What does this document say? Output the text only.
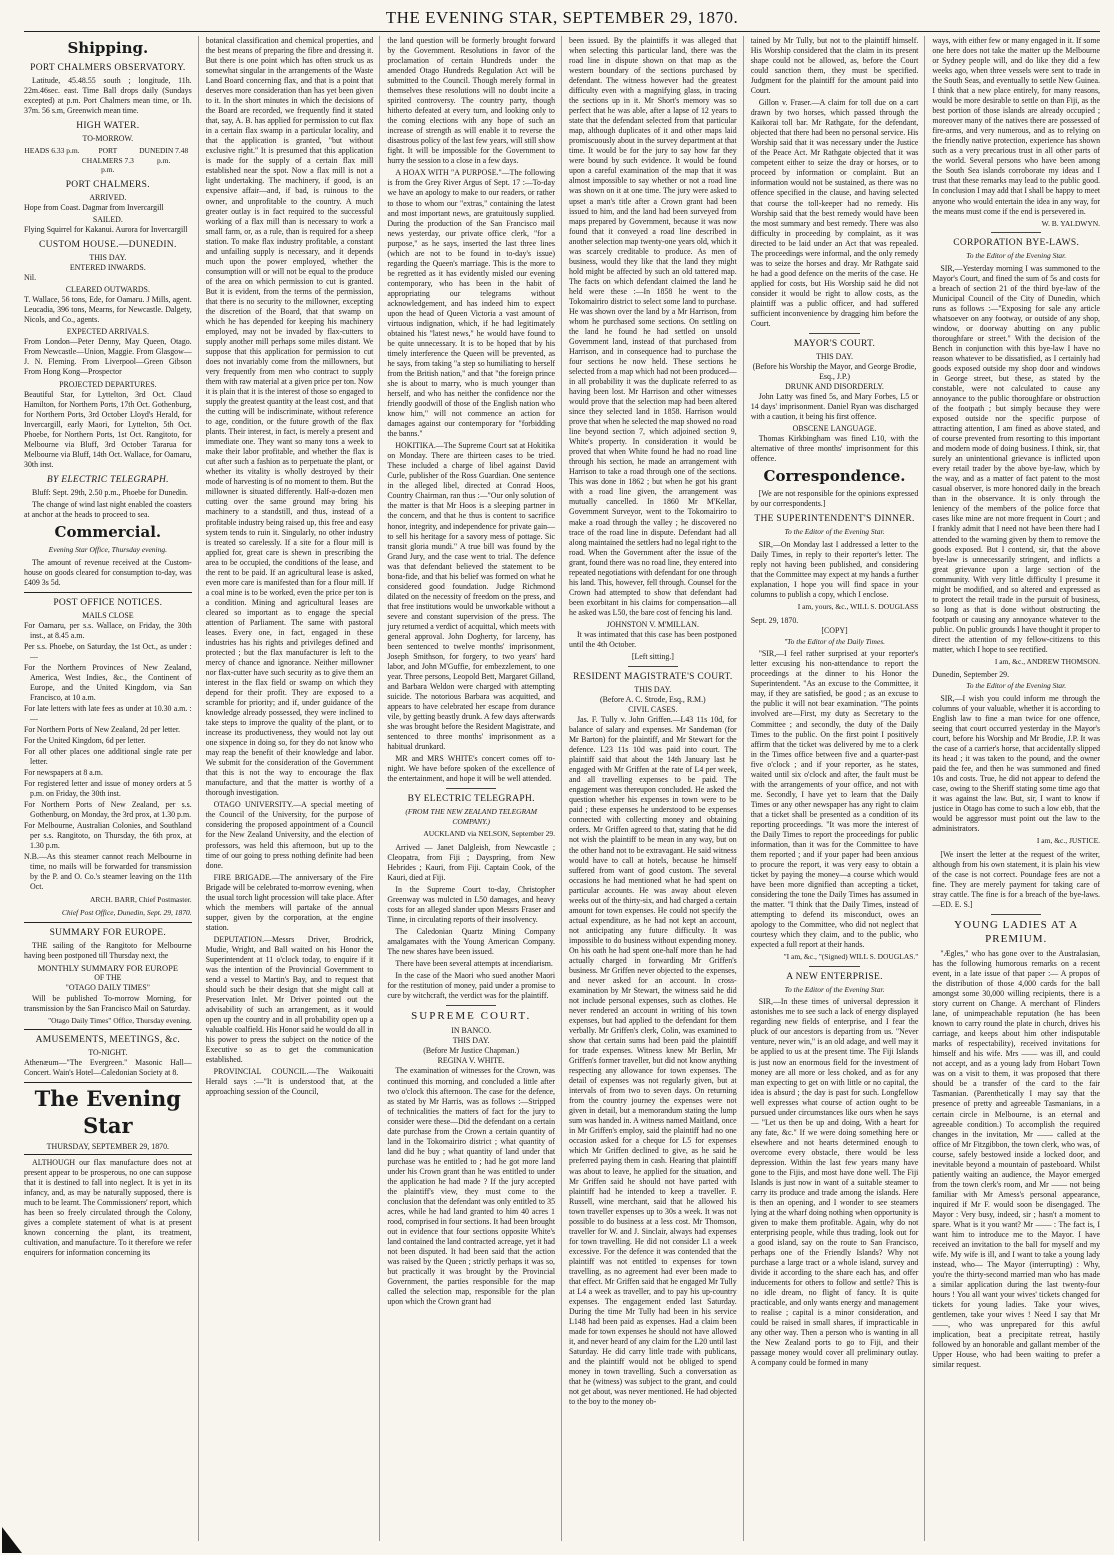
THE EVENING STAR, SEPTEMBER 29, 1870.
Shipping.
PORT CHALMERS OBSERVATORY.

Latitude, 45.48.55 south ; longitude, 11h. 22m.46sec. east. Time Ball drops daily (Sundays excepted) at p.m. Port Chalmers mean time, or 1h. 37m. 56 s.m, Greenwich mean time.

HIGH WATER.
TO-MORROW.
HEADS 6.33 p.m.	PORT CHALMERS 7.3 p.m.
DUNEDIN 7.48 p.m.
PORT CHALMERS.
ARRIVED.

Hope from Coast. Dagmar from Invercargill

SAILED.

Flying Squirrel for Kakanui. Aurora for Invercargill

CUSTOM HOUSE.—DUNEDIN.
THIS DAY.
ENTERED INWARDS.

Nil.

CLEARED OUTWARDS.

T. Wallace, 56 tons, Ede, for Oamaru. J Mills, agent. Leucadia, 396 tons, Mearns, for Newcastle. Dalgety, Nicols, and Co., agents.

EXPECTED ARRIVALS.

From London—Peter Denny, May Queen, Otago. From Newcastle—Union, Maggie. From Glasgow—J. N. Fleming. From Liverpool—Green Gibson From Hong Kong—Prospector

PROJECTED DEPARTURES.

Beautiful Star, for Lyttelton, 3rd Oct. Claud Hamilton, for Northern Ports, 17th Oct. Gothenburg, for Northern Ports, 3rd October Lloyd's Herald, for Invercargill, early Maori, for Lyttelton, 5th Oct. Phoebe, for Northern Ports, 1st Oct. Rangitoto, for Melbourne via Bluff, 3rd October Tararua for Melbourne via Bluff, 14th Oct. Wallace, for Oamaru, 30th inst.

BY ELECTRIC TELEGRAPH.

Bluff: Sept. 29th, 2.50 p.m., Phoebe for Dunedin.

The change of wind last night enabled the coasters at anchor at the heads to proceed to sea.

Commercial.
Evening Star Office, Thursday evening.

The amount of revenue received at the Custom-house on goods cleared for consumption to-day, was £409 3s 5d.

POST OFFICE NOTICES.
MAILS CLOSE
For Oamaru, per s.s. Wallace, on Friday, the 30th inst., at 8.45 a.m.
Per s.s. Phoebe, on Saturday, the 1st Oct., as under :—
For the Northern Provinces of New Zealand, America, West Indies, &c., the Continent of Europe, and the United Kingdom, via San Francisco, at 10 a.m.
For late letters with late fees as under at 10.30 a.m. :—
For Northern Ports of New Zealand, 2d per letter.
For the United Kingdom, 6d per letter.
For all other places one additional single rate per letter.
For newspapers at 8 a.m.
For registered letter and issue of money orders at 5 p.m. on Friday, the 30th inst.
For Northern Ports of New Zealand, per s.s. Gothenburg, on Monday, the 3rd prox, at 1.30 p.m.
For Melbourne, Australian Colonies, and Southland per s.s. Rangitoto, on Thursday, the 6th prox, at 1.30 p.m.
N.B.—As this steamer cannot reach Melbourne in time, no mails will be forwarded for transmission by the P. and O. Co.'s steamer leaving on the 11th Oct.
ARCH. BARR, Chief Postmaster.
Chief Post Office, Dunedin, Sept. 29, 1870.
SUMMARY FOR EUROPE.

THE sailing of the Rangitoto for Melbourne having been postponed till Thursday next, the

MONTHLY SUMMARY FOR EUROPE
OF THE
"OTAGO DAILY TIMES"

Will be published To-morrow Morning, for transmission by the San Francisco Mail on Saturday.

"Otago Daily Times" Office, Thursday evening.
AMUSEMENTS, MEETINGS, &c.
TO-NIGHT.

Athenæum—"The Evergreen." Masonic Hall—Concert. Wain's Hotel—Caledonian Society at 8.

The Evening Star
THURSDAY, SEPTEMBER 29, 1870.

ALTHOUGH our flax manufacture does not at present appear to be prosperous, no one can suppose that it is destined to fall into neglect. It is yet in its infancy, and, as may be naturally supposed, there is much to be learnt. The Commissioners' report, which has been so freely circulated through the Colony, gives a complete statement of what is at present known concerning the plant, its treatment, cultivation, and manufacture. To it therefore we refer enquirers for information concerning its

botanical classification and chemical properties, and the best means of preparing the fibre and dressing it. But there is one point which has often struck us as somewhat singular in the arrangements of the Waste Land Board concerning flax, and that is a point that deserves more consideration than has yet been given to it. In the short minutes in which the decisions of the Board are recorded, we frequently find it stated that, say, A. B. has applied for permission to cut flax in a certain flax swamp in a particular locality, and that the application is granted, "but without exclusive right." It is presumed that this application is made for the supply of a certain flax mill established near the spot. Now a flax mill is not a light undertaking. The machinery, if good, is an expensive affair—and, if bad, is ruinous to the owner, and unprofitable to the country. A much greater outlay is in fact required to the successful working of a flax mill than is necessary to work a small farm, or, as a rule, than is required for a sheep station. To make flax industry profitable, a constant and unfailing supply is necessary, and it depends much upon the power employed, whether the consumption will or will not be equal to the produce of the area on which permission to cut is granted. But it is evident, from the terms of the permission, that there is no security to the millowner, excepting the discretion of the Board, that that swamp on which he has depended for keeping his machinery employed, may not be invaded by flax-cutters to supply another mill perhaps some miles distant. We suppose that this application for permission to cut does not invariably come from the millowners, but very frequently from men who contract to supply them with raw material at a given price per ton. Now it is plain that it is the interest of those so engaged to supply the greatest quantity at the least cost, and that the cutting will be indiscriminate, without reference to age, condition, or the future growth of the flax plants. Their interest, in fact, is merely a present and immediate one. They want so many tons a week to make their labor profitable, and whether the flax is cut after such a fashion as to perpetuate the plant, or whether its vitality is wholly destroyed by their mode of harvesting is of no moment to them. But the millowner is situated differently. Half-a-dozen men cutting over the same ground may bring his machinery to a standstill, and thus, instead of a profitable industry being raised up, this free and easy system tends to ruin it. Singularly, no other industry is treated so carelessly. If a site for a flour mill is applied for, great care is shewn in prescribing the area to be occupied, the conditions of the lease, and the rent to be paid. If an agricultural lease is asked, even more care is manifested than for a flour mill. If a coal mine is to be worked, even the price per ton is a condition. Mining and agricultural leases are cleared so important as to engage the special attention of Parliament. The same with pastoral leases. Every one, in fact, engaged in these industries has his rights and privileges defined and protected ; but the flax manufacturer is left to the mercy of chance and ignorance. Neither millowner nor flax-cutter have such security as to give them an interest in the flax field or swamp on which they depend for their profit. They are exposed to a scramble for priority; and if, under guidance of the knowledge already possessed, they were inclined to take steps to improve the quality of the plant, or to increase its productiveness, they would not lay out one sixpence in doing so, for they do not know who may reap the benefit of their knowledge and labor. We submit for the consideration of the Government that this is not the way to encourage the flax manufacture, and that the matter is worthy of a thorough investigation.

OTAGO UNIVERSITY.—A special meeting of the Council of the University, for the purpose of considering the proposed appointment of a Council for the New Zealand University, and the election of professors, was held this afternoon, but up to the time of our going to press nothing definite had been done.

FIRE BRIGADE.—The anniversary of the Fire Brigade will be celebrated to-morrow evening, when the usual torch light procession will take place. After which the members will partake of the annual supper, given by the corporation, at the engine station.

DEPUTATION.—Messrs Driver, Brodrick, Mudie, Wright, and Ball waited on his Honor the Superintendent at 11 o'clock today, to enquire if it was the intention of the Provincial Government to send a vessel to Martin's Bay, and to request that should such be their design that she might call at Preservation Inlet. Mr Driver pointed out the advisability of such an arrangement, as it would open up the country and in all probability open up a valuable coalfield. His Honor said he would do all in his power to press the subject on the notice of the Executive so as to get the communication established.

PROVINCIAL COUNCIL.—The Waikouaiti Herald says :—"It is understood that, at the approaching session of the Council,

the land question will be formerly brought forward by the Government. Resolutions in favor of the proclamation of certain Hundreds under the amended Otago Hundreds Regulation Act will be submitted to the Council. Though merely formal in themselves these resolutions will no doubt incite a spirited controversy. The country party, though hitherto defeated at every turn, and looking only to the coming elections with any hope of such an increase of strength as will enable it to reverse the disastrous policy of the last few years, will still show fight. It will be impossible for the Government to hurry the session to a close in a few days.

A HOAX WITH "A PURPOSE."—The following is from the Grey River Argus of Sept. 17 :—To-day we have an apology to make to our readers, or rather to those to whom our "extras," containing the latest and most important news, are gratuitously supplied. During the production of the San Francisco mail news yesterday, our private office clerk, "for a purpose," as he says, inserted the last three lines (which are not to be found in to-day's issue) regarding the Queen's marriage. This is the more to be regretted as it has evidently misled our evening contemporary, who has been in the habit of appropriating our telegrams without acknowledgement, and has indeed him to expect upon the head of Queen Victoria a vast amount of virtuous indignation, which, if he had legitimately obtained his "latest news," he would have found to be quite unnecessary. It is to be hoped that by his timely interference the Queen will be prevented, as he says, from taking "a step so humiliating to herself from the British nation," and that "the foreign prince she is about to marry, who is much younger than herself, and who has neither the confidence nor the friendly goodwill of those of the English nation who know him," will not commence an action for damages against our contemporary for "forbidding the banns."

HOKITIKA.—The Supreme Court sat at Hokitika on Monday. There are thirteen cases to be tried. These included a charge of libel against David Curle, publisher of the Ross Guardian. One sentence in the alleged libel, directed at Conrad Hoos, Country Chairman, ran thus :—"Our only solution of the matter is that Mr Hoos is a sleeping partner in the concern, and that he thus is content to sacrifice honor, integrity, and independence for private gain—to sell his heritage for a savory mess of pottage. Sic transit gloria mundi." A true bill was found by the Grand Jury, and the case went to trial. The defence was that defendant believed the statement to be bona-fide, and that his belief was formed on what he considered good foundation. Judge Richmond dilated on the necessity of freedom on the press, and that free institutions would be unworkable without a severe and constant supervision of the press. The jury returned a verdict of acquittal, which meets with general approval. John Dogherty, for larceny, has been sentenced to twelve months' imprisonment, Joseph Smithson, for forgery, to two years' hard labor, and John M'Guffie, for embezzlement, to one year. Three persons, Leopold Bett, Margaret Gilland, and Barbara Weldon were charged with attempting suicide. The notorious Barbara was acquitted, and appears to have celebrated her escape from durance vile, by getting beastly drunk. A few days afterwards she was brought before the Resident Magistrate, and sentenced to three months' imprisonment as a habitual drunkard.

MR and MRS WHITE's concert comes off to-night. We have before spoken of the excellence of the entertainment, and hope it will be well attended.

BY ELECTRIC TELEGRAPH.
(FROM THE NEW ZEALAND TELEGRAM COMPANY.)
AUCKLAND via NELSON, September 29.

Arrived — Janet Dalgleish, from Newcastle ; Cleopatra, from Fiji ; Dayspring, from New Hebrides ; Kauri, from Fiji. Captain Cook, of the Kauri, died at Fiji.

In the Supreme Court to-day, Christopher Greenway was mulcted in L50 damages, and heavy costs for an alleged slander upon Messrs Fraser and Tinne, in circulating reports of their insolvency.

The Caledonian Quartz Mining Company amalgamates with the Young American Company. The new shares have been issued.

There have been several attempts at incendiarism.

In the case of the Maori who sued another Maori for the restitution of money, paid under a promise to cure by witchcraft, the verdict was for the plaintiff.

SUPREME COURT.
IN BANCO.
THIS DAY.
(Before Mr Justice Chapman.)
REGINA V. WHITE.

The examination of witnesses for the Crown, was continued this morning, and concluded a little after two o'clock this afternoon. The case for the defence, as stated by Mr Harris, was as follows :—Stripped of technicalities the matters of fact for the jury to consider were these—Did the defendant on a certain date purchase from the Crown a certain quantity of land in the Tokomairiro district ; what quantity of land did he buy ; what quantity of land under that purchase was he entitled to ; had he got more land under his Crown grant than he was entitled to under the application he had made ? If the jury accepted the plaintiff's view, they must come to the conclusion that the defendant was only entitled to 35 acres, while he had land granted to him 40 acres 1 rood, comprised in four sections. It had been brought out in evidence that four sections opposite White's land contained the land contracted acreage, yet it had not been disputed. It had been said that the action was raised by the Queen ; strictly perhaps it was so, but practically it was brought by the Provincial Government, the parties responsible for the map called the selection map, responsible for the plan upon which the Crown grant had

been issued. By the plaintiffs it was alleged that when selecting this particular land, there was the road line in dispute shown on that map as the western boundary of the sections purchased by defendant. The witness however had the greatest difficulty even with a magnifying glass, in tracing the sections up in it. Mr Short's memory was so perfect that he was able, after a lapse of 12 years to state that the defendant selected from that particular map, although duplicates of it and other maps laid promiscuously about in the survey department at that time. It would be for the jury to say how far they were bound by such evidence. It would be found upon a careful examination of the map that it was almost impossible to say whether or not a road line was shown on it at one time. The jury were asked to upset a man's title after a Crown grant had been issued to him, and the land had been surveyed from maps prepared by Government, because it was now found that it conveyed a road line described in another selection map twenty-one years old, which it was scarcely creditable to produce. As men of business, would they like that the land they might hold might be affected by such an old tattered map. The facts on which defendant claimed the land he held were these :—In 1858 he went to the Tokomairiro district to select some land to purchase. He was shown over the land by a Mr Harrison, from whom he purchased some sections. On settling on the land he found he had settled on unsold Government land, instead of that purchased from Harrison, and in consequence had to purchase the four sections he now held. These sections he selected from a map which had not been produced—in all probability it was the duplicate referred to as having been lost. Mr Harrison and other witnesses would prove that the selection map had been altered since they selected land in 1858. Harrison would prove that when he selected the map showed no road line beyond section 7, which adjoined section 9, White's property. In consideration it would be proved that when White found he had no road line through his section, he made an arrangement with Harrison to take a road through one of the sections. This was done in 1862 ; but when he got his grant with a road line given, the arrangement was mutually cancelled. In 1860 Mr M'Kellar, Government Surveyor, went to the Tokomairiro to make a road through the valley ; he discovered no trace of the road line in dispute. Defendant had all along maintained the settlers had no legal right to the road. When the Government after the issue of the grant, found there was no road line, they entered into repeated negotiations with defendant for one through his land. This, however, fell through. Counsel for the Crown had attempted to show that defendant had been exorbitant in his claims for compensation—all he asked was L50, the bare cost of fencing his land.

JOHNSTON V. M'MILLAN.

It was intimated that this case has been postponed until the 4th October.

[Left sitting.]
RESIDENT MAGISTRATE'S COURT.
THIS DAY.
(Before A. C. Strode, Esq., R.M.)
CIVIL CASES.

Jas. F. Tully v. John Griffen.—L43 11s 10d, for balance of salary and expenses. Mr Sandeman (for Mr Barton) for the plaintiff, and Mr Stewart for the defence. L23 11s 10d was paid into court. The plaintiff said that about the 14th January last he engaged with Mr Griffen at the rate of L4 per week, and all travelling expenses to be paid. The engagement was thereupon concluded. He asked the question whether his expenses in town were to be paid ; these expenses he understood to be expenses connected with collecting money and obtaining orders. Mr Griffen agreed to that, stating that he did not wish the plaintiff to be mean in any way, but on the other hand not to be extravagant. He said witness would have to call at hotels, because he himself suffered from want of good custom. The several occasions he had mentioned what he had spent on particular accounts. He was away about eleven weeks out of the thirty-six, and had charged a certain amount for town expenses. He could not specify the actual expenditure, as he had not kept an account, not anticipating any future difficulty. It was impossible to do business without expending money. On his oath he had spent one-half more than he had actually charged in forwarding Mr Griffen's business. Mr Griffen never objected to the expenses, and never asked for an account. In cross-examination by Mr Stewart, the witness said he did not include personal expenses, such as clothes. He never rendered an account in writing of his town expenses, but had applied to the defendant for them verbally. Mr Griffen's clerk, Colin, was examined to show that certain sums had been paid the plaintiff for trade expenses. Witness knew Mr Berlin, Mr Griffen's former traveller, but did not know anything respecting any allowance for town expenses. The detail of expenses was not regularly given, but at intervals of from two to seven days. On returning from the country journey the expenses were not given in detail, but a memorandum stating the lump sum was handed in. A witness named Maitland, once in Mr Griffen's employ, said the plaintiff had no one occasion asked for a cheque for L5 for expenses which Mr Griffen declined to give, as he said he preferred paying them in cash. Hearing that plaintiff was about to leave, he applied for the situation, and Mr Griffen said he should not have parted with plaintiff had he intended to keep a traveller. F. Russell, wine merchant, said that he allowed his town traveller expenses up to 30s a week. It was not possible to do business at a less cost. Mr Thomson, traveller for W. and J. Sinclair, always had expenses for town travelling. He did not consider L1 a week excessive. For the defence it was contended that the plaintiff was not entitled to expenses for town travelling, as no agreement had ever been made to that effect. Mr Griffen said that he engaged Mr Tully at L4 a week as traveller, and to pay his up-country expenses. The engagement ended last Saturday. During the time Mr Tully had been in his service L148 had been paid as expenses. Had a claim been made for town expenses he should not have allowed it, and never heard of any claim for the L20 until last Saturday. He did carry little trade with publicans, and the plaintiff would not be obliged to spend money in town travelling. Such a conversation as that he (witness) was subject to the grant, and could not get about, was never mentioned. He had objected to the boy to the money ob-

tained by Mr Tully, but not to the plaintiff himself. His Worship considered that the claim in its present shape could not be allowed, as, before the Court could sanction them, they must be specified. Judgment for the plaintiff for the amount paid into Court.

Gillon v. Fraser.—A claim for toll due on a cart drawn by two horses, which passed through the Kaikorai toll bar. Mr Rathgate, for the defendant, objected that there had been no personal service. His Worship said that it was necessary under the Justice of the Peace Act. Mr Rathgate objected that it was competent either to seize the dray or horses, or to proceed by information or complaint. But an information would not be sustained, as there was no offence specified in the clause, and having selected that course the toll-keeper had no remedy. His Worship said that the best remedy would have been the most summary and best remedy. There was also difficulty in proceeding by complaint, as it was directed to be laid under an Act that was repealed. The proceedings were informal, and the only remedy was to seize the horses and dray. Mr Rathgate said he had a good defence on the merits of the case. He applied for costs, but His Worship said he did not consider it would be right to allow costs, as the plaintiff was a public officer, and had suffered sufficient inconvenience by dragging him before the Court.

MAYOR'S COURT.
THIS DAY.
(Before his Worship the Mayor, and George Brodie, Esq., J.P.)
DRUNK AND DISORDERLY.

John Latty was fined 5s, and Mary Forbes, L5 or 14 days' imprisonment. Daniel Ryan was discharged with a caution, it being his first offence.

OBSCENE LANGUAGE.

Thomas Kirkbingham was fined L10, with the alternative of three months' imprisonment for this offence.

Correspondence.

[We are not responsible for the opinions expressed by our correspondents.]

THE SUPERINTENDENT'S DINNER.
To the Editor of the Evening Star.

SIR,—On Monday last I addressed a letter to the Daily Times, in reply to their reporter's letter. The reply not having been published, and considering that the Committee may expect at my hands a further explanation, I hope you will find space in your columns to publish a copy, which I enclose.

I am, yours, &c., WILL S. DOUGLASS
Sept. 29, 1870.
[COPY]
"To the Editor of the Daily Times.

"SIR,—I feel rather surprised at your reporter's letter excusing his non-attendance to report the proceedings at the dinner to his Honor the Superintendent. "As an excuse to the Committee, it may, if they are satisfied, be good ; as an excuse to the public it will not bear examination. "The points involved are—First, my duty as Secretary to the Committee ; and secondly, the duty of the Daily Times to the public. On the first point I positively affirm that the ticket was delivered by me to a clerk in the Times office between five and a quarter-past five o'clock ; and if your reporter, as he states, waited until six o'clock and after, the fault must be with the arrangements of your office, and not with me. Secondly, I have yet to learn that the Daily Times or any other newspaper has any right to claim that a ticket shall be presented as a condition of its reporting proceedings. "It was more the interest of the Daily Times to report the proceedings for public information, than it was for the Committee to have them reported ; and if your paper had been anxious to procure the report, it was very easy to obtain a ticket by paying the money—a course which would have been more dignified than accepting a ticket, considering the tone the Daily Times has assumed in the matter. "I think that the Daily Times, instead of attempting to defend its misconduct, owes an apology to the Committee, who did not neglect that courtesy which they claim, and to the public, who expected a full report at their hands.

"I am, &c., "(Signed) WILL S. DOUGLAS."
A NEW ENTERPRISE.
To the Editor of the Evening Star.

SIR,—In these times of universal depression it astonishes me to see such a lack of energy displayed regarding new fields of enterprise, and I fear the pluck of our ancestors is departing from us. "Never venture, never win," is an old adage, and well may it be applied to us at the present time. The Fiji Islands is just now an enormous field for the investment of money are all more or less choked, and as for any man expecting to get on with little or no capital, the idea is absurd ; the day is past for such. Longfellow well expresses what course of action ought to be pursued under circumstances like ours when he says— "Let us then be up and doing, With a heart for any fate, &c." If we were doing something here or elsewhere and not hearts determined enough to overcome every obstacle, there would be less depression. Within the last few years many have gone to the Fijis, and most have done well. The Fiji Islands is just now in want of a suitable steamer to carry its produce and trade among the islands. Here is then an opening, and I wonder to see steamers lying at the wharf doing nothing when opportunity is given to make them profitable. Again, why do not enterprising people, while thus trading, look out for a good island, say on the route to San Francisco, perhaps one of the Friendly Islands? Why not purchase a large tract or a whole island, survey and divide it according to the share each has, and offer inducements for others to follow and settle? This is no idle dream, no flight of fancy. It is quite practicable, and only wants energy and management to realise ; capital is a minor consideration, and could be raised in small shares, if impracticable in any other way. Then a person who is wanting in all the New Zealand ports to go to Fiji, and their passage money would cover all preliminary outlay. A company could be formed in many

ways, with either few or many engaged in it. If some one here does not take the matter up the Melbourne or Sydney people will, and do like they did a few weeks ago, when three vessels were sent to trade in the South Seas, and eventually to settle New Guinea. I think that a new place entirely, for many reasons, would be more desirable to settle on than Fiji, as the best portion of those islands are already occupied ; moreover many of the natives there are possessed of fire-arms, and very numerous, and as to relying on the friendly native protection, experience has shown such as a very precarious trust in all other parts of the world. Several persons who have been among the South Sea islands corroborate my ideas and I trust that these remarks may lead to the public good. In conclusion I may add that I shall be happy to meet anyone who would entertain the idea in any way, for the means must come if the end is persevered in.

W. B. YALDWYN.
CORPORATION BYE-LAWS.
To the Editor of the Evening Star.

SIR,—Yesterday morning I was summoned to the Mayor's Court, and fined the sum of 5s and costs for a breach of section 21 of the third bye-law of the Municipal Council of the City of Dunedin, which runs as follows :—"Exposing for sale any article whatsoever on any footway, or outside of any shop, window, or doorway abutting on any public thoroughfare or street." With the decision of the Bench in conjunction with this bye-law I have no reason whatever to be dissatisfied, as I certainly had goods exposed outside my shop door and windows in George street, but these, as stated by the constable, were not calculated to cause any annoyance to the public thoroughfare or obstruction of the footpath ; but simply because they were exposed outside nor the specific purpose of attracting attention, I am fined as above stated, and of course prevented from resorting to this important and modern mode of doing business. I think, sir, that surely an unintentional grievance is inflicted upon every retail trader by the above bye-law, which by the way, and as a matter of fact patent to the most casual observer, is more honored daily in the breach than in the observance. It is only through the leniency of the members of the police force that cases like mine are not more frequent in Court ; and I frankly admit that I need not have been there had I attended to the warning given by them to remove the goods exposed. But I contend, sir, that the above bye-law is unnecessarily stringent, and inflicts a great grievance upon a large section of the community. With very little difficulty I presume it might be modified, and so altered and expressed as to protect the retail trade in the pursuit of business, so long as that is done without obstructing the footpath or causing any annoyance whatever to the public. On public grounds I have thought it proper to direct the attention of my fellow-citizens to this matter, which I hope to see rectified.

I am, &c., ANDREW THOMSON.
Dunedin, September 29.
To the Editor of the Evening Star.

SIR,—I wish you could inform me through the columns of your valuable, whether it is according to English law to fine a man twice for one offence, seeing that court occurred yesterday in the Mayor's court, before his Worship and Mr Brodie, J.P. It was the case of a carrier's horse, that accidentally slipped its head ; it was taken to the pound, and the owner paid the fee, and then he was summoned and fined 10s and costs. True, he did not appear to defend the case, owing to the Sheriff stating some time ago that it was against the law. But, sir, I want to know if justice in Otago has come to such a low ebb, that the would be aggressor must point out the law to the administrators.

I am, &c., JUSTICE.

[We insert the letter at the request of the writer, although from his own statement, it is plain his view of the case is not correct. Poundage fees are not a fine. They are merely payment for taking care of stray cattle. The fine is for a breach of the bye-laws.—ED. E. S.]

YOUNG LADIES AT A PREMIUM.

"Ægles," who has gone over to the Australasian, has the following humorous remarks on a recent event, in a late issue of that paper :— A propos of the distribution of those 4,000 cards for the ball amongst some 30,000 willing recipients, there is a story current on Change. A merchant of Flinders lane, of unimpeachable reputation (he has been known to carry round the plate in church, drives his carriage, and keeps about him other indisputable marks of respectability), received invitations for himself and his wife. Mrs —— was ill, and could not accept, and as a young lady from Hobart Town was on a visit to them, it was proposed that there should be a transfer of the card to the fair Tasmanian. (Parenthetically I may say that the presence of pretty and agreeable Tasmanians, in a certain circle in Melbourne, is an eternal and agreeable condition.) To accomplish the required changes in the invitation, Mr —— called at the office of Mr Fitzgibbon, the town clerk, who was, of course, safely bestowed inside a locked door, and inevitable beyond a mountain of pasteboard. Whilst patiently waiting an audience, the Mayor emerged from the town clerk's room, and Mr —— not being familiar with Mr Amess's personal appearance, inquired if Mr F. would soon be disengaged. The Mayor : Very busy, indeed, sir ; hasn't a moment to spare. What is it you want? Mr —— : The fact is, I want him to introduce me to the Mayor. I have received an invitation to the ball for myself and my wife. My wife is ill, and I want to take a young lady instead, who— The Mayor (interrupting) : Why, you're the thirty-second married man who has made a similar application during the last twenty-four hours ! You all want your wives' tickets changed for tickets for young ladies. Take your wives, gentlemen, take your wives ! Need I say that Mr ——, who was unprepared for this awful implication, beat a precipitate retreat, hastily followed by an honorable and gallant member of the Upper House, who had been waiting to prefer a similar request.
